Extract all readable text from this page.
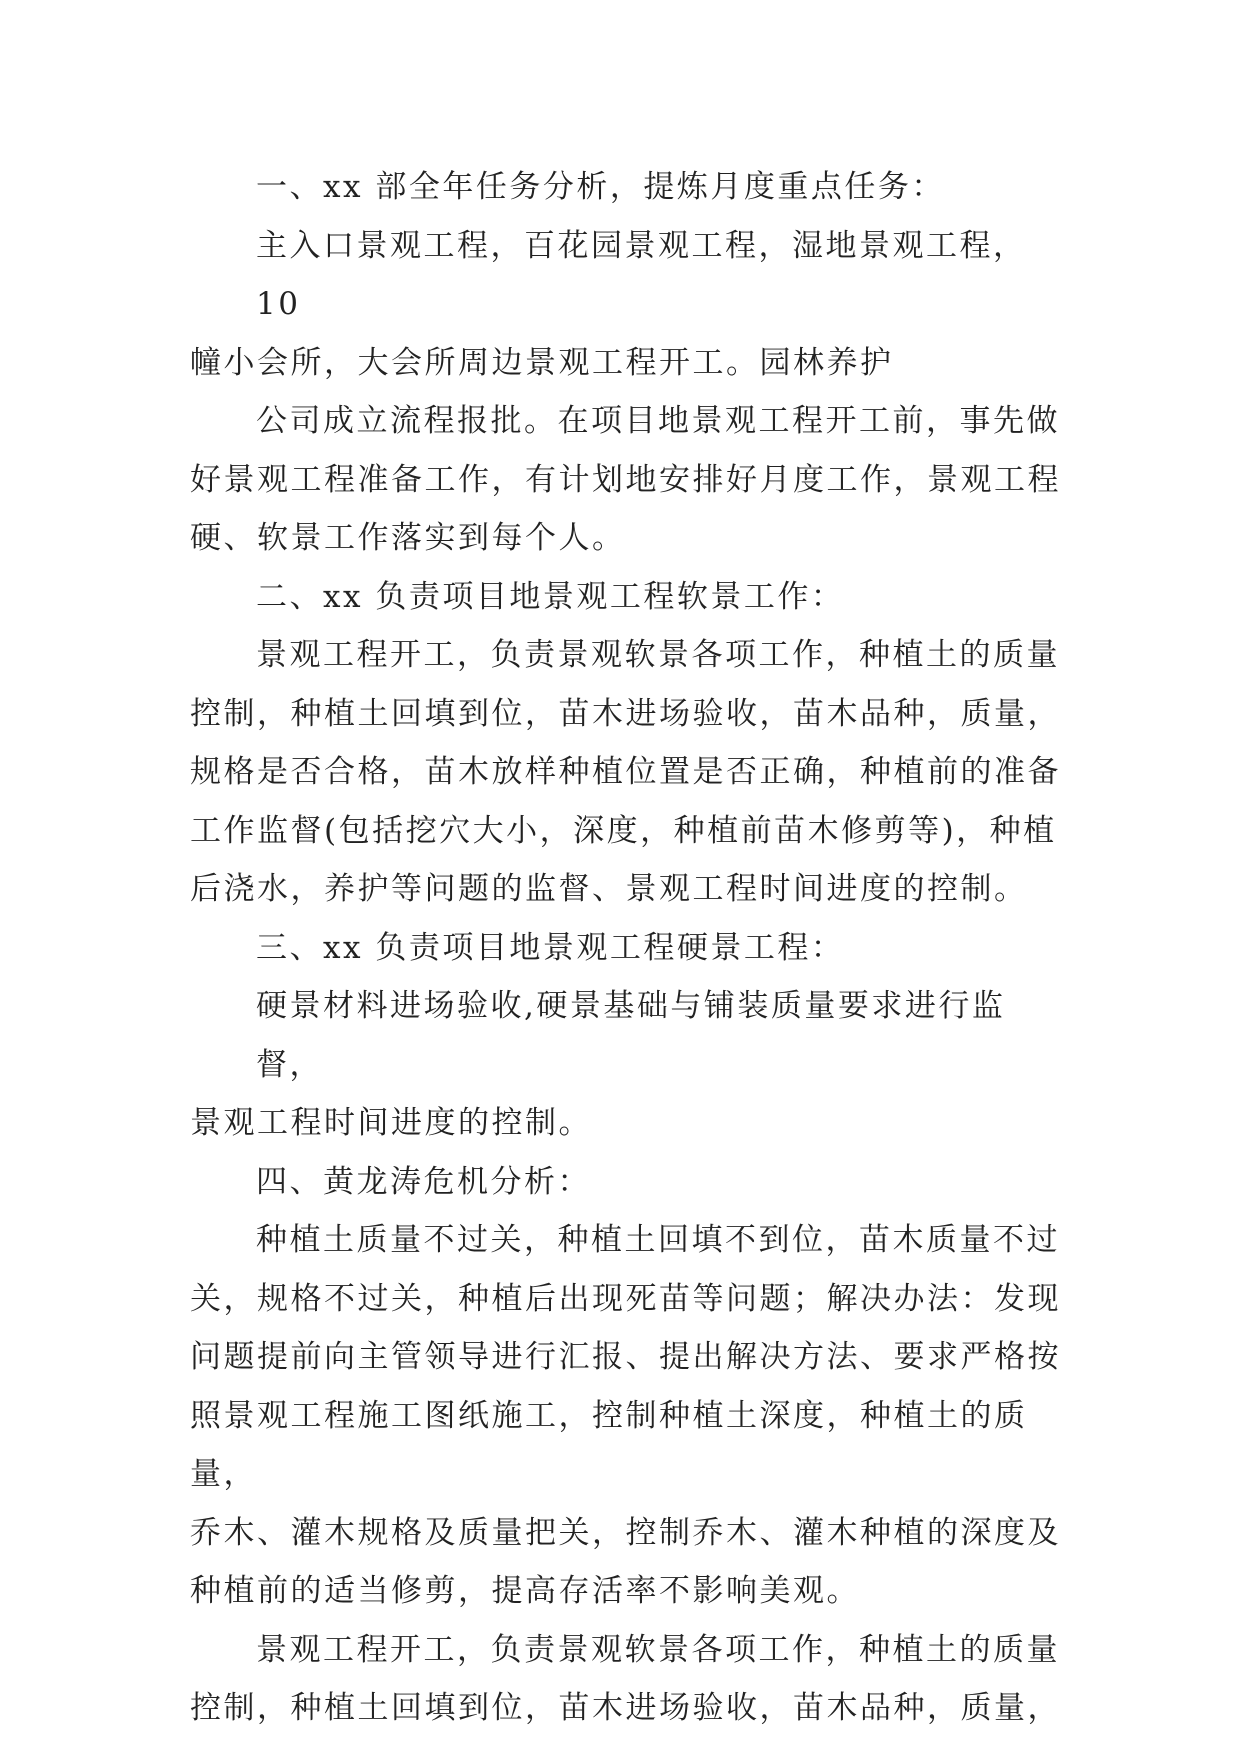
一、xx 部全年任务分析，提炼月度重点任务：
主入口景观工程，百花园景观工程，湿地景观工程，10
幢小会所，大会所周边景观工程开工。园林养护
公司成立流程报批。在项目地景观工程开工前，事先做
好景观工程准备工作，有计划地安排好月度工作，景观工程
硬、软景工作落实到每个人。
二、xx 负责项目地景观工程软景工作：
景观工程开工，负责景观软景各项工作，种植土的质量
控制，种植土回填到位，苗木进场验收，苗木品种，质量，
规格是否合格，苗木放样种植位置是否正确，种植前的准备
工作监督(包括挖穴大小，深度，种植前苗木修剪等)，种植
后浇水，养护等问题的监督、景观工程时间进度的控制。
三、xx 负责项目地景观工程硬景工程：
硬景材料进场验收,硬景基础与铺装质量要求进行监督，
景观工程时间进度的控制。
四、黄龙涛危机分析：
种植土质量不过关，种植土回填不到位，苗木质量不过
关，规格不过关，种植后出现死苗等问题；解决办法：发现
问题提前向主管领导进行汇报、提出解决方法、要求严格按
照景观工程施工图纸施工，控制种植土深度，种植土的质量，
乔木、灌木规格及质量把关，控制乔木、灌木种植的深度及
种植前的适当修剪，提高存活率不影响美观。
景观工程开工，负责景观软景各项工作，种植土的质量
控制，种植土回填到位，苗木进场验收，苗木品种，质量，
